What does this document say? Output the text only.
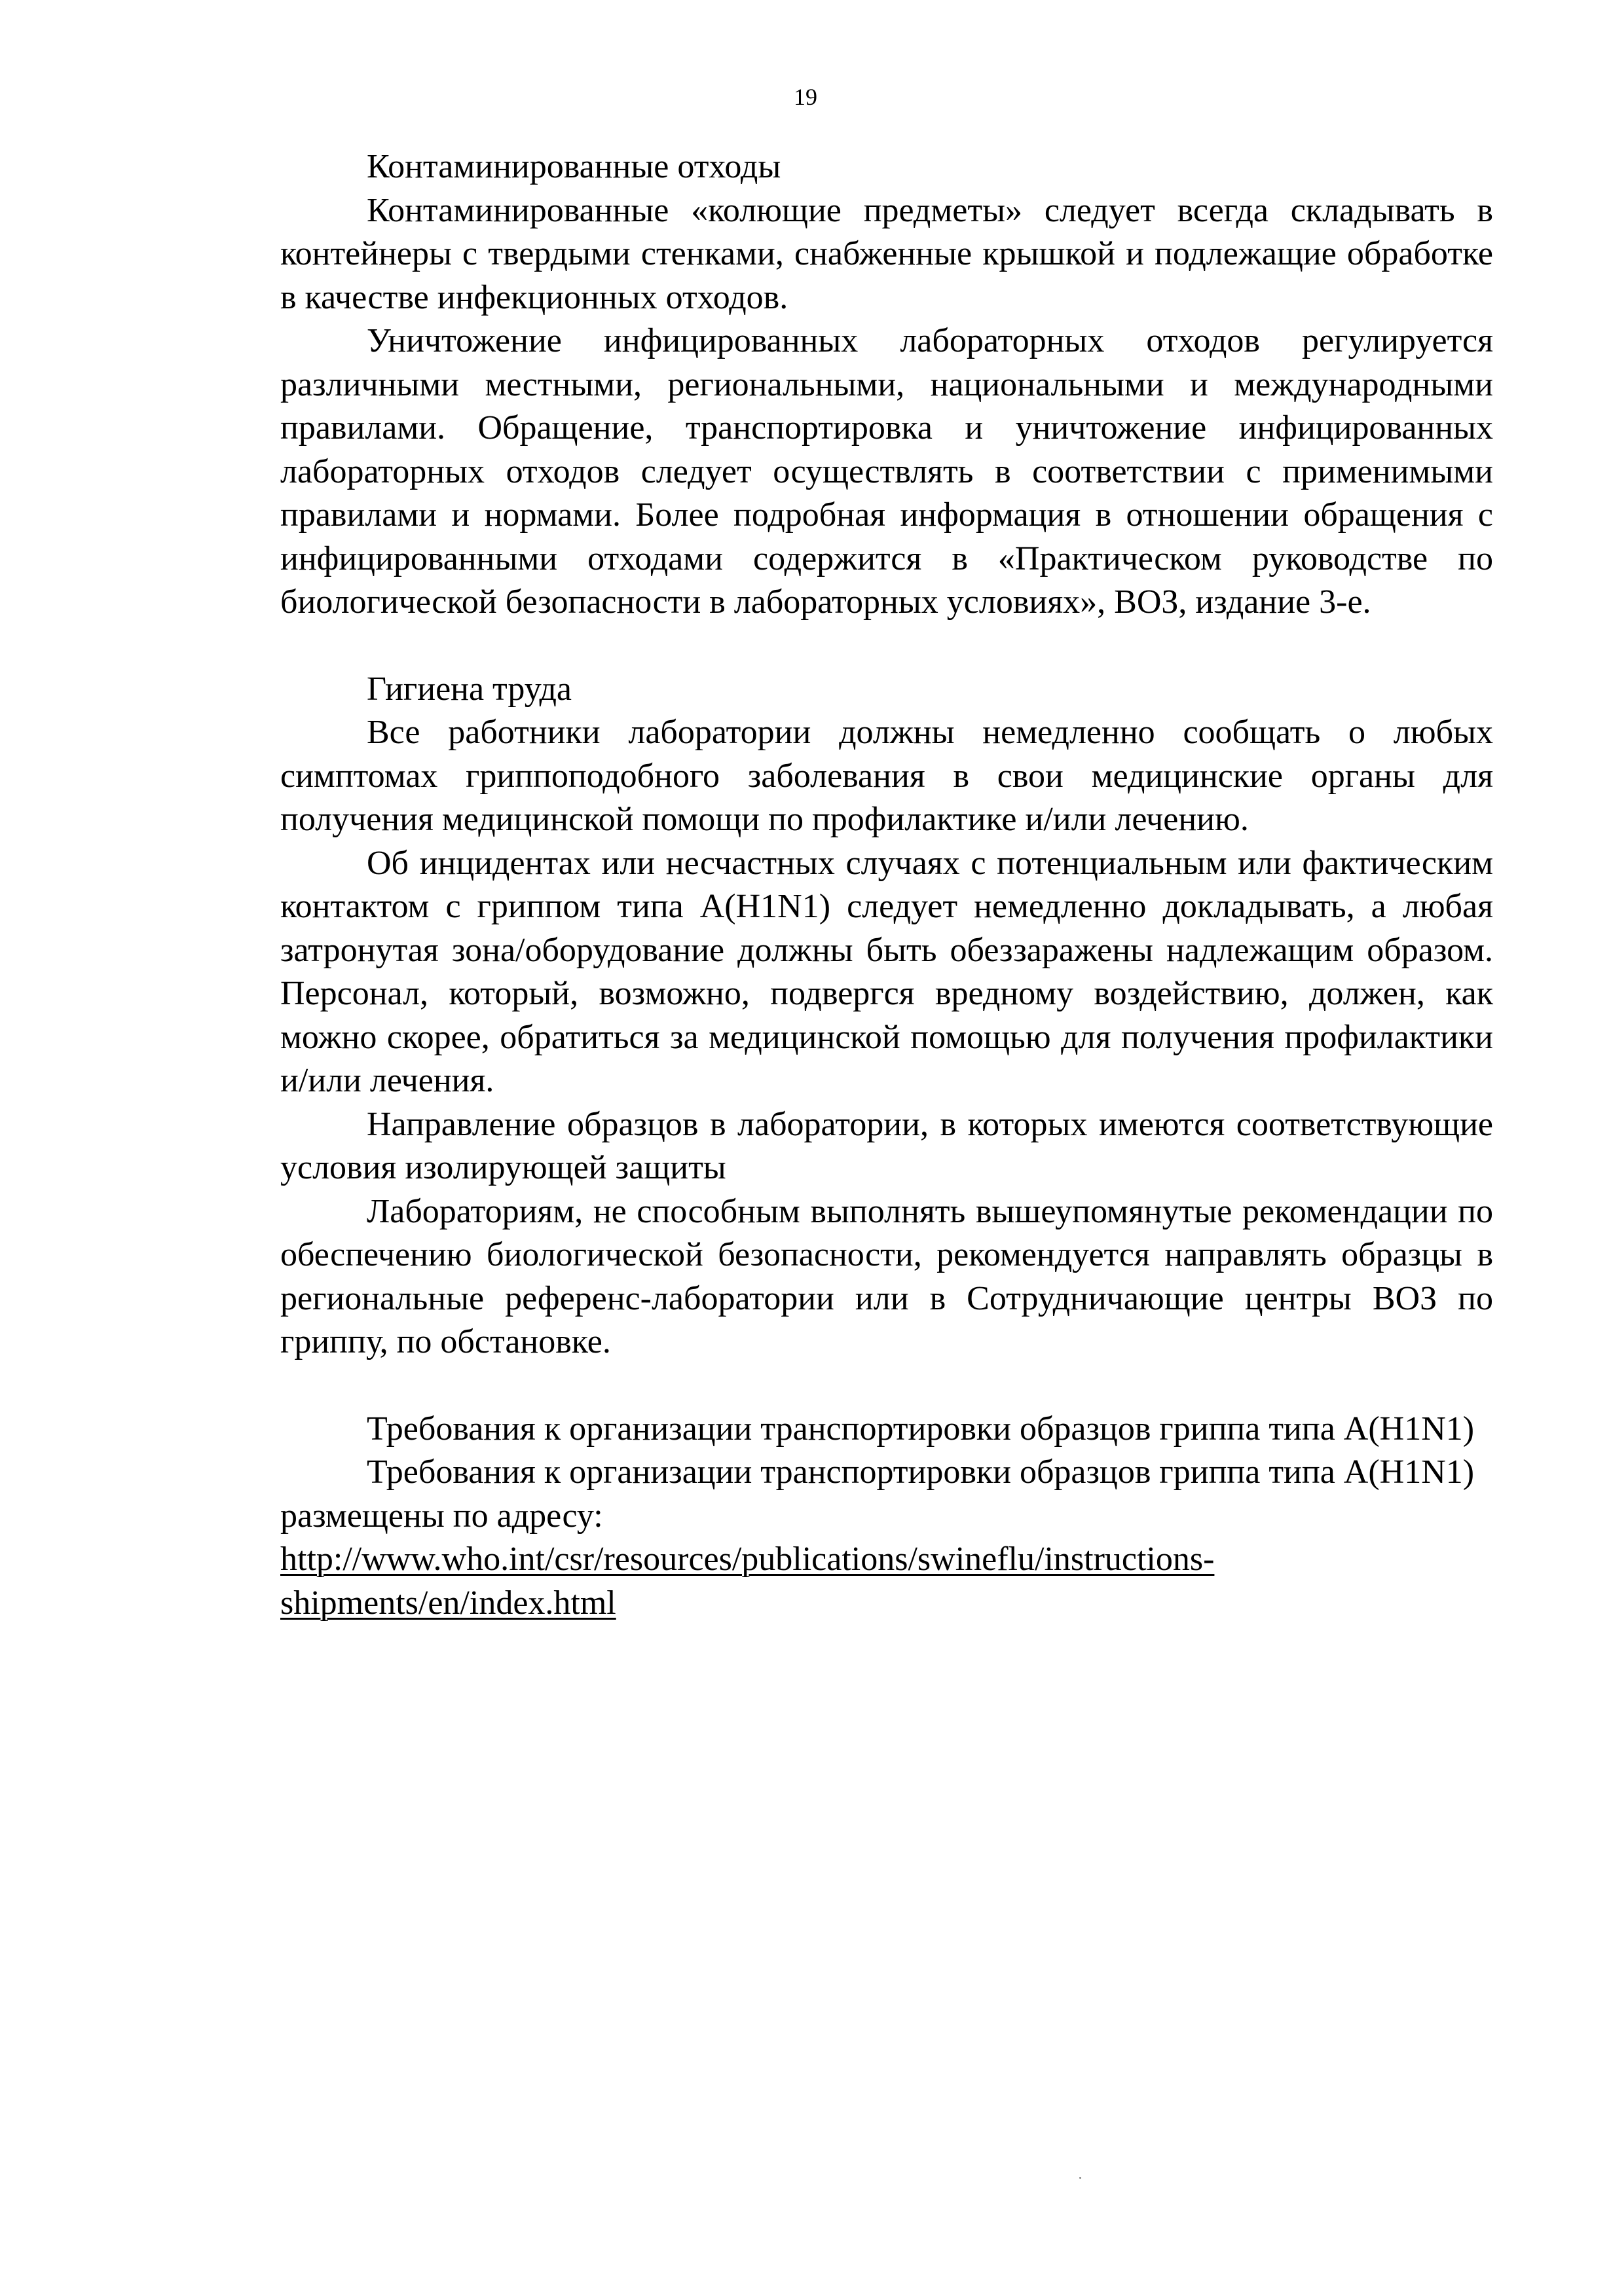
19

Контаминированные отходы

Контаминированные «колющие предметы» следует всегда складывать в контейнеры с твердыми стенками, снабженные крышкой и подлежащие обработке в качестве инфекционных отходов.

Уничтожение инфицированных лабораторных отходов регулируется различными местными, региональными, национальными и международными правилами. Обращение, транспортировка и уничтожение инфицированных лабораторных отходов следует осуществлять в соответствии с применимыми правилами и нормами. Более подробная информация в отношении обращения с инфицированными отходами содержится в «Практическом руководстве по биологической безопасности в лабораторных условиях», ВОЗ, издание 3-е.

Гигиена труда

Все работники лаборатории должны немедленно сообщать о любых симптомах гриппоподобного заболевания в свои медицинские органы для получения медицинской помощи по профилактике и/или лечению.

Об инцидентах или несчастных случаях с потенциальным или фактическим контактом с гриппом типа A(H1N1) следует немедленно докладывать, а любая затронутая зона/оборудование должны быть обеззаражены надлежащим образом. Персонал, который, возможно, подвергся вредному воздействию, должен, как можно скорее, обратиться за медицинской помощью для получения профилактики и/или лечения.

Направление образцов в лаборатории, в которых имеются соответствующие условия изолирующей защиты

Лабораториям, не способным выполнять вышеупомянутые рекомендации по обеспечению биологической безопасности, рекомендуется направлять образцы в региональные референс-лаборатории или в Сотрудничающие центры ВОЗ по гриппу, по обстановке.

Требования к организации транспортировки образцов гриппа типа A(H1N1)

Требования к организации транспортировки образцов гриппа типа A(H1N1) размещены по адресу: http://www.who.int/csr/resources/publications/swineflu/instructions-shipments/en/index.html
